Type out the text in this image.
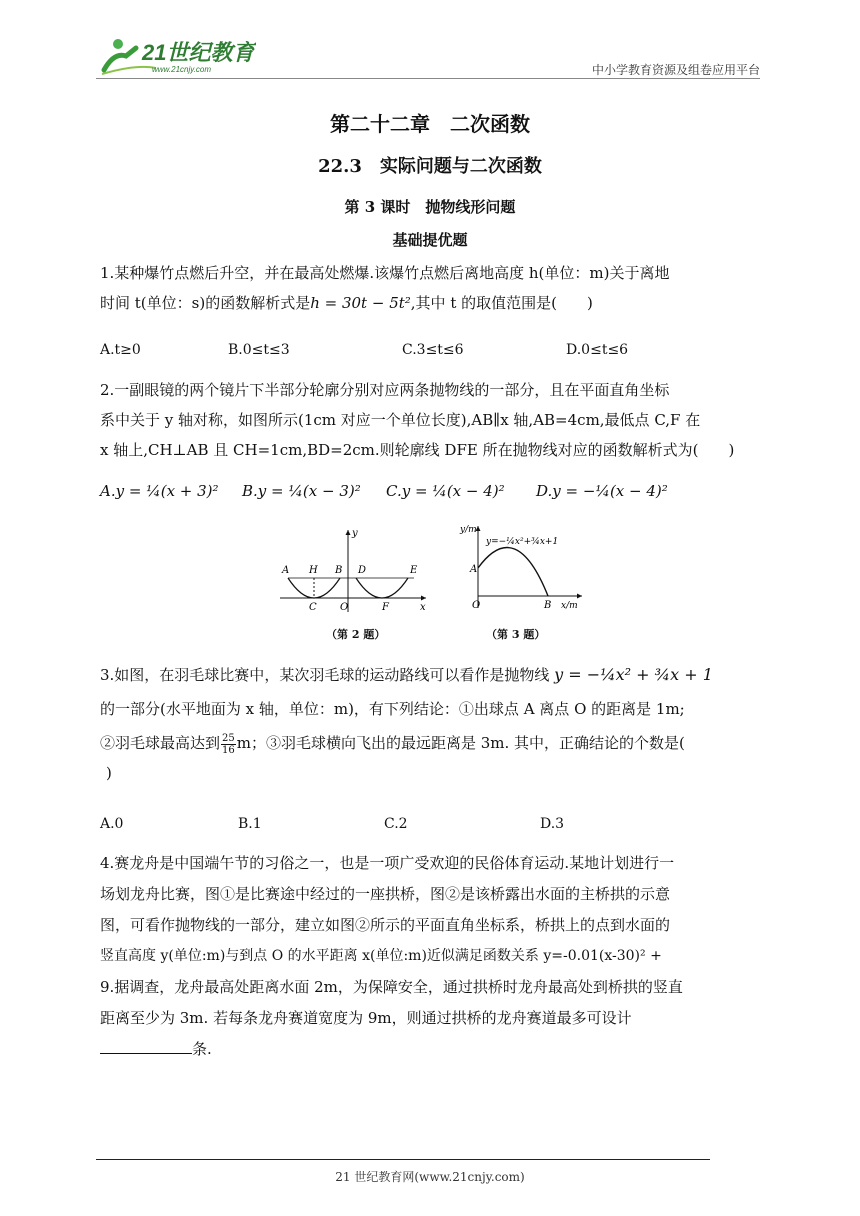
21世纪教育
www.21cnjy.com	中小学教育资源及组卷应用平台
第二十二章　二次函数
22.3　实际问题与二次函数
第 3 课时　抛物线形问题
基础提优题
1.某种爆竹点燃后升空，并在最高处燃爆.该爆竹点燃后离地高度 h(单位：m)关于离地
时间 t(单位：s)的函数解析式是h = 30t − 5t²,其中 t 的取值范围是(　　)
A.t≥0	B.0≤t≤3	C.3≤t≤6	D.0≤t≤6
2.一副眼镜的两个镜片下半部分轮廓分别对应两条抛物线的一部分，且在平面直角坐标
系中关于 y 轴对称，如图所示(1cm 对应一个单位长度),AB∥x 轴,AB=4cm,最低点 C,F 在
x 轴上,CH⊥AB 且 CH=1cm,BD=2cm.则轮廓线 DFE 所在抛物线对应的函数解析式为(　　)
A.y = ¼(x + 3)² B.y = ¼(x − 3)² C.y = ¼(x − 4)² D.y = −¼(x − 4)²
A H B D	E
C O	F	x
y
（第 2 题）
y/m
A
O	B x/m
y=−¼x²+¾x+1
（第 3 题）
3.如图，在羽毛球比赛中，某次羽毛球的运动路线可以看作是抛物线 y = −¼x² + ¾x + 1
的一部分(水平地面为 x 轴，单位：m)，有下列结论：①出球点 A 离点 O 的距离是 1m;
②羽毛球最高达到 $\frac{25}{16}$ m；③羽毛球横向飞出的最远距离是 3m. 其中，正确结论的个数是(
)
A.0	B.1	C.2	D.3
4.赛龙舟是中国端午节的习俗之一，也是一项广受欢迎的民俗体育运动.某地计划进行一
场划龙舟比赛，图①是比赛途中经过的一座拱桥，图②是该桥露出水面的主桥拱的示意
图，可看作抛物线的一部分，建立如图②所示的平面直角坐标系，桥拱上的点到水面的
竖直高度 y(单位:m)与到点 O 的水平距离 x(单位:m)近似满足函数关系 y=-0.01(x-30)² +
9.据调查，龙舟最高处距离水面 2m，为保障安全，通过拱桥时龙舟最高处到桥拱的竖直
距离至少为 3m. 若每条龙舟赛道宽度为 9m，则通过拱桥的龙舟赛道最多可设计
条.
21 世纪教育网(www.21cnjy.com)
